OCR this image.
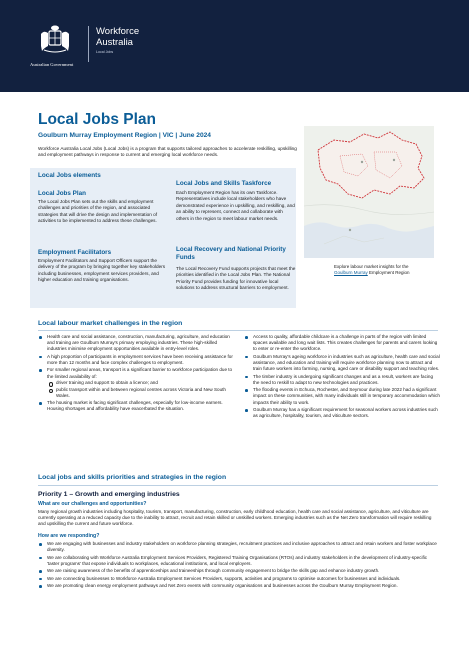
Australian Government
Workforce
Australia
Local Jobs
Local Jobs Plan
Goulburn Murray Employment Region | VIC | June 2024
Workforce Australia Local Jobs (Local Jobs) is a program that supports tailored approaches to accelerate reskilling, upskilling and employment pathways in response to current and emerging local workforce needs.
Local Jobs elements
Local Jobs Plan
The Local Jobs Plan sets out the skills and employment challenges and priorities of the region, and associated strategies that will drive the design and implementation of activities to be implemented to address these challenges.
Employment Facilitators
Employment Facilitators and Support Officers support the delivery of the program by bringing together key stakeholders including businesses, employment services providers, and higher education and training organisations.
Local Jobs and Skills Taskforce
Each Employment Region has its own Taskforce. Representatives include local stakeholders who have demonstrated experience in upskilling, and reskilling, and an ability to represent, connect and collaborate with others in the region to meet labour market needs.
Local Recovery and National Priority Funds
The Local Recovery Fund supports projects that meet the priorities identified in the Local Jobs Plan. The National Priority Fund provides funding for innovative local solutions to address structural barriers to employment.
Explore labour market insights for the
Goulburn Murray Employment Region
Local labour market challenges in the region
Health care and social assistance, construction, manufacturing, agriculture, and education and training are Goulburn Murray's primary employing industries. These high-skilled industries minimise employment opportunities available in entry-level roles.
A high proportion of participants in employment services have been receiving assistance for more than 12 months and face complex challenges to employment.
For smaller regional areas, transport is a significant barrier to workforce participation due to the limited availability of:
driver training and support to obtain a licence; and
public transport within and between regional centres across Victoria and New South Wales.
The housing market is facing significant challenges, especially for low-income earners. Housing shortages and affordability have exacerbated the situation.
Access to quality, affordable childcare is a challenge in parts of the region with limited spaces available and long wait lists. This creates challenges for parents and carers looking to enter or re-enter the workforce.
Goulburn Murray's ageing workforce in industries such as agriculture, health care and social assistance, and education and training will require workforce planning now to attract and train future workers into farming, nursing, aged care or disability support and teaching roles.
The timber industry is undergoing significant changes and as a result, workers are facing the need to reskill to adapt to new technologies and practices.
The flooding events in Echuca, Rochester, and Seymour during late 2022 had a significant impact on these communities, with many individuals still in temporary accommodation which impacts their ability to work.
Goulburn Murray has a significant requirement for seasonal workers across industries such as agriculture, hospitality, tourism, and viticulture sectors.
Local jobs and skills priorities and strategies in the region
Priority 1 – Growth and emerging industries
What are our challenges and opportunities?
Many regional growth industries including hospitality, tourism, transport, manufacturing, construction, early childhood education, health care and social assistance, agriculture, and viticulture are currently operating at a reduced capacity due to the inability to attract, recruit and retain skilled or unskilled workers. Emerging industries such as the Net Zero transformation will require reskilling and upskilling the current and future workforce.
How are we responding?
We are engaging with businesses and industry stakeholders on workforce planning strategies, recruitment practices and inclusive approaches to attract and retain workers and foster workplace diversity.
We are collaborating with Workforce Australia Employment Services Providers, Registered Training Organisations (RTOs) and industry stakeholders in the development of industry-specific 'taster programs' that expose individuals to workplaces, educational institutions, and local employers.
We are raising awareness of the benefits of apprenticeships and traineeships through community engagement to bridge the skills gap and enhance industry growth.
We are connecting businesses to Workforce Australia Employment Services Providers, supports, activities and programs to optimise outcomes for businesses and individuals.
We are promoting clean energy employment pathways and Net Zero events with community organisations and businesses across the Goulburn Murray Employment Region.
